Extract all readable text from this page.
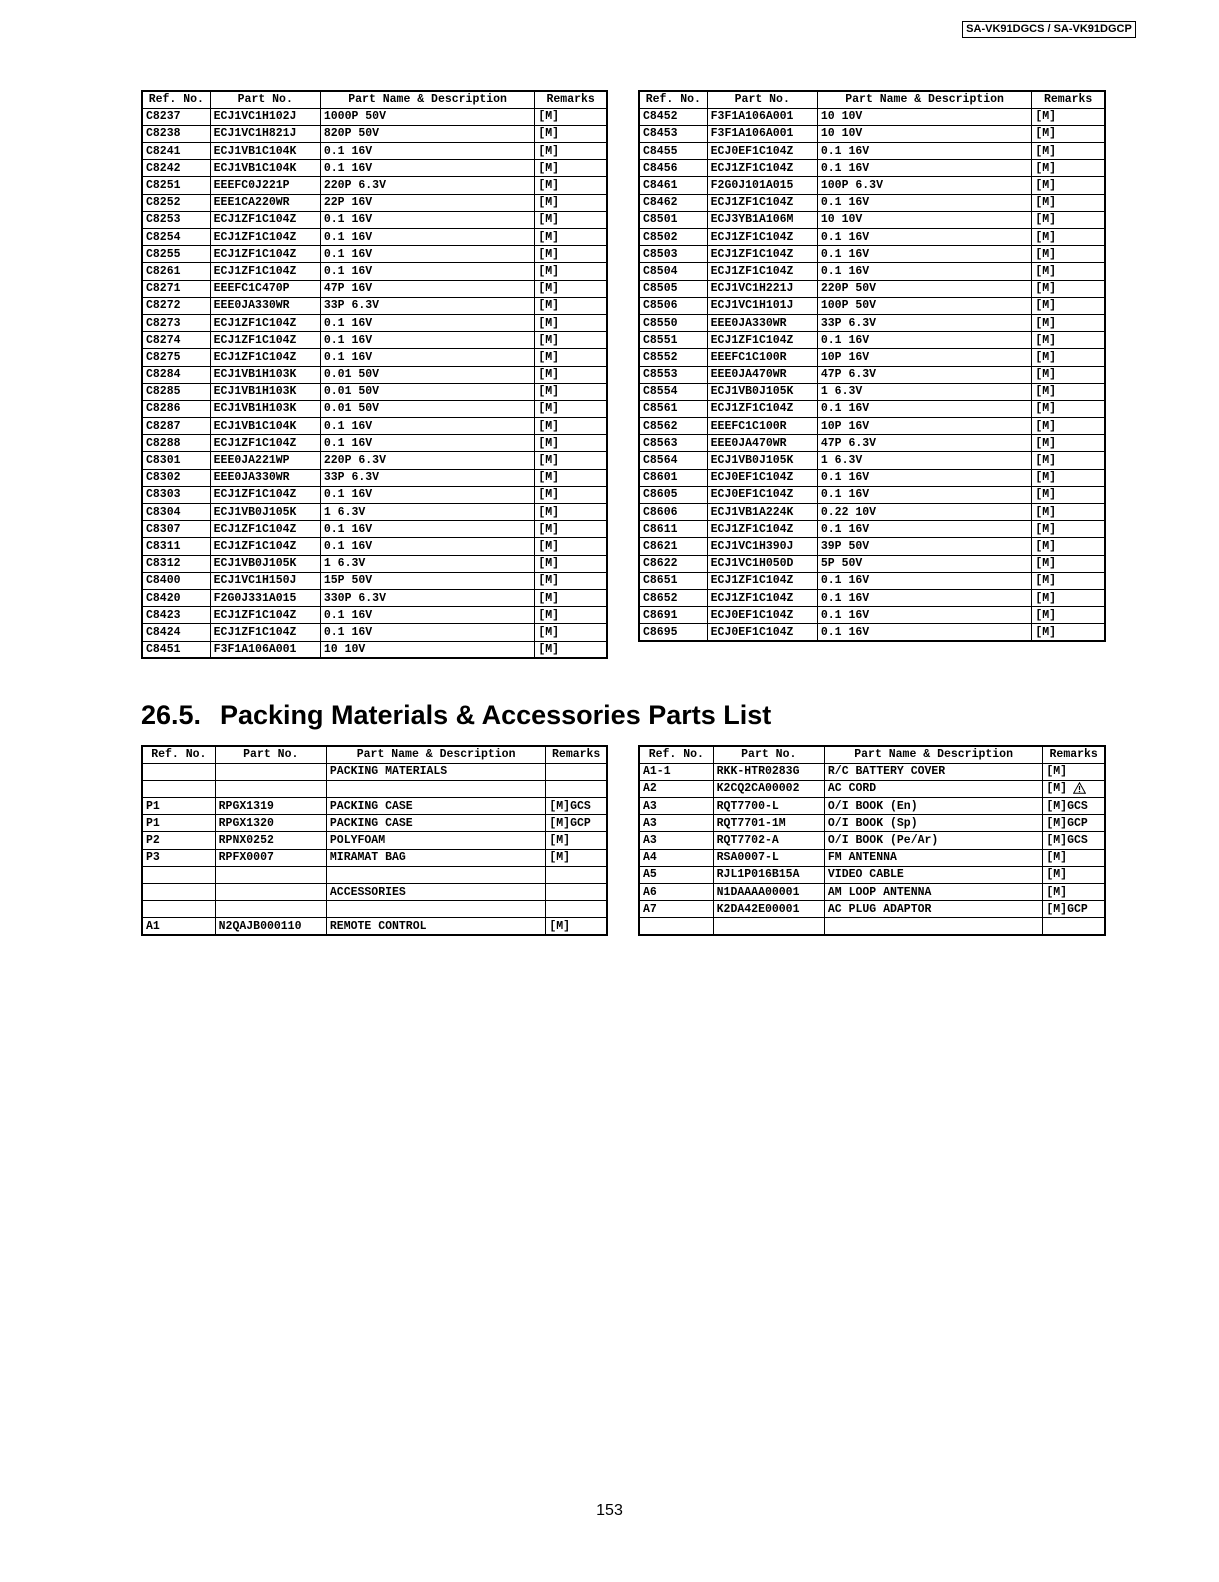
SA-VK91DGCS / SA-VK91DGCP
Ref. No.	Part No.	Part Name & Description	Remarks
C8237	ECJ1VC1H102J	1000P 50V	[M]
C8238	ECJ1VC1H821J	820P 50V	[M]
C8241	ECJ1VB1C104K	0.1 16V	[M]
C8242	ECJ1VB1C104K	0.1 16V	[M]
C8251	EEEFC0J221P	220P 6.3V	[M]
C8252	EEE1CA220WR	22P 16V	[M]
C8253	ECJ1ZF1C104Z	0.1 16V	[M]
C8254	ECJ1ZF1C104Z	0.1 16V	[M]
C8255	ECJ1ZF1C104Z	0.1 16V	[M]
C8261	ECJ1ZF1C104Z	0.1 16V	[M]
C8271	EEEFC1C470P	47P 16V	[M]
C8272	EEE0JA330WR	33P 6.3V	[M]
C8273	ECJ1ZF1C104Z	0.1 16V	[M]
C8274	ECJ1ZF1C104Z	0.1 16V	[M]
C8275	ECJ1ZF1C104Z	0.1 16V	[M]
C8284	ECJ1VB1H103K	0.01 50V	[M]
C8285	ECJ1VB1H103K	0.01 50V	[M]
C8286	ECJ1VB1H103K	0.01 50V	[M]
C8287	ECJ1VB1C104K	0.1 16V	[M]
C8288	ECJ1ZF1C104Z	0.1 16V	[M]
C8301	EEE0JA221WP	220P 6.3V	[M]
C8302	EEE0JA330WR	33P 6.3V	[M]
C8303	ECJ1ZF1C104Z	0.1 16V	[M]
C8304	ECJ1VB0J105K	1 6.3V	[M]
C8307	ECJ1ZF1C104Z	0.1 16V	[M]
C8311	ECJ1ZF1C104Z	0.1 16V	[M]
C8312	ECJ1VB0J105K	1 6.3V	[M]
C8400	ECJ1VC1H150J	15P 50V	[M]
C8420	F2G0J331A015	330P 6.3V	[M]
C8423	ECJ1ZF1C104Z	0.1 16V	[M]
C8424	ECJ1ZF1C104Z	0.1 16V	[M]
C8451	F3F1A106A001	10 10V	[M]
Ref. No.	Part No.	Part Name & Description	Remarks
C8452	F3F1A106A001	10 10V	[M]
C8453	F3F1A106A001	10 10V	[M]
C8455	ECJ0EF1C104Z	0.1 16V	[M]
C8456	ECJ1ZF1C104Z	0.1 16V	[M]
C8461	F2G0J101A015	100P 6.3V	[M]
C8462	ECJ1ZF1C104Z	0.1 16V	[M]
C8501	ECJ3YB1A106M	10 10V	[M]
C8502	ECJ1ZF1C104Z	0.1 16V	[M]
C8503	ECJ1ZF1C104Z	0.1 16V	[M]
C8504	ECJ1ZF1C104Z	0.1 16V	[M]
C8505	ECJ1VC1H221J	220P 50V	[M]
C8506	ECJ1VC1H101J	100P 50V	[M]
C8550	EEE0JA330WR	33P 6.3V	[M]
C8551	ECJ1ZF1C104Z	0.1 16V	[M]
C8552	EEEFC1C100R	10P 16V	[M]
C8553	EEE0JA470WR	47P 6.3V	[M]
C8554	ECJ1VB0J105K	1 6.3V	[M]
C8561	ECJ1ZF1C104Z	0.1 16V	[M]
C8562	EEEFC1C100R	10P 16V	[M]
C8563	EEE0JA470WR	47P 6.3V	[M]
C8564	ECJ1VB0J105K	1 6.3V	[M]
C8601	ECJ0EF1C104Z	0.1 16V	[M]
C8605	ECJ0EF1C104Z	0.1 16V	[M]
C8606	ECJ1VB1A224K	0.22 10V	[M]
C8611	ECJ1ZF1C104Z	0.1 16V	[M]
C8621	ECJ1VC1H390J	39P 50V	[M]
C8622	ECJ1VC1H050D	5P 50V	[M]
C8651	ECJ1ZF1C104Z	0.1 16V	[M]
C8652	ECJ1ZF1C104Z	0.1 16V	[M]
C8691	ECJ0EF1C104Z	0.1 16V	[M]
C8695	ECJ0EF1C104Z	0.1 16V	[M]
26.5. Packing Materials & Accessories Parts List
Ref. No.	Part No.	Part Name & Description	Remarks
		PACKING MATERIALS	

P1	RPGX1319	PACKING CASE	[M]GCS
P1	RPGX1320	PACKING CASE	[M]GCP
P2	RPNX0252	POLYFOAM	[M]
P3	RPFX0007	MIRAMAT BAG	[M]

		ACCESSORIES	

A1	N2QAJB000110	REMOTE CONTROL	[M]
Ref. No.	Part No.	Part Name & Description	Remarks
A1-1	RKK-HTR0283G	R/C BATTERY COVER	[M]
A2	K2CQ2CA00002	AC CORD	[M]
A3	RQT7700-L	O/I BOOK (En)	[M]GCS
A3	RQT7701-1M	O/I BOOK (Sp)	[M]GCP
A3	RQT7702-A	O/I BOOK (Pe/Ar)	[M]GCS
A4	RSA0007-L	FM ANTENNA	[M]
A5	RJL1P016B15A	VIDEO CABLE	[M]
A6	N1DAAAA00001	AM LOOP ANTENNA	[M]
A7	K2DA42E00001	AC PLUG ADAPTOR	[M]GCP

153
